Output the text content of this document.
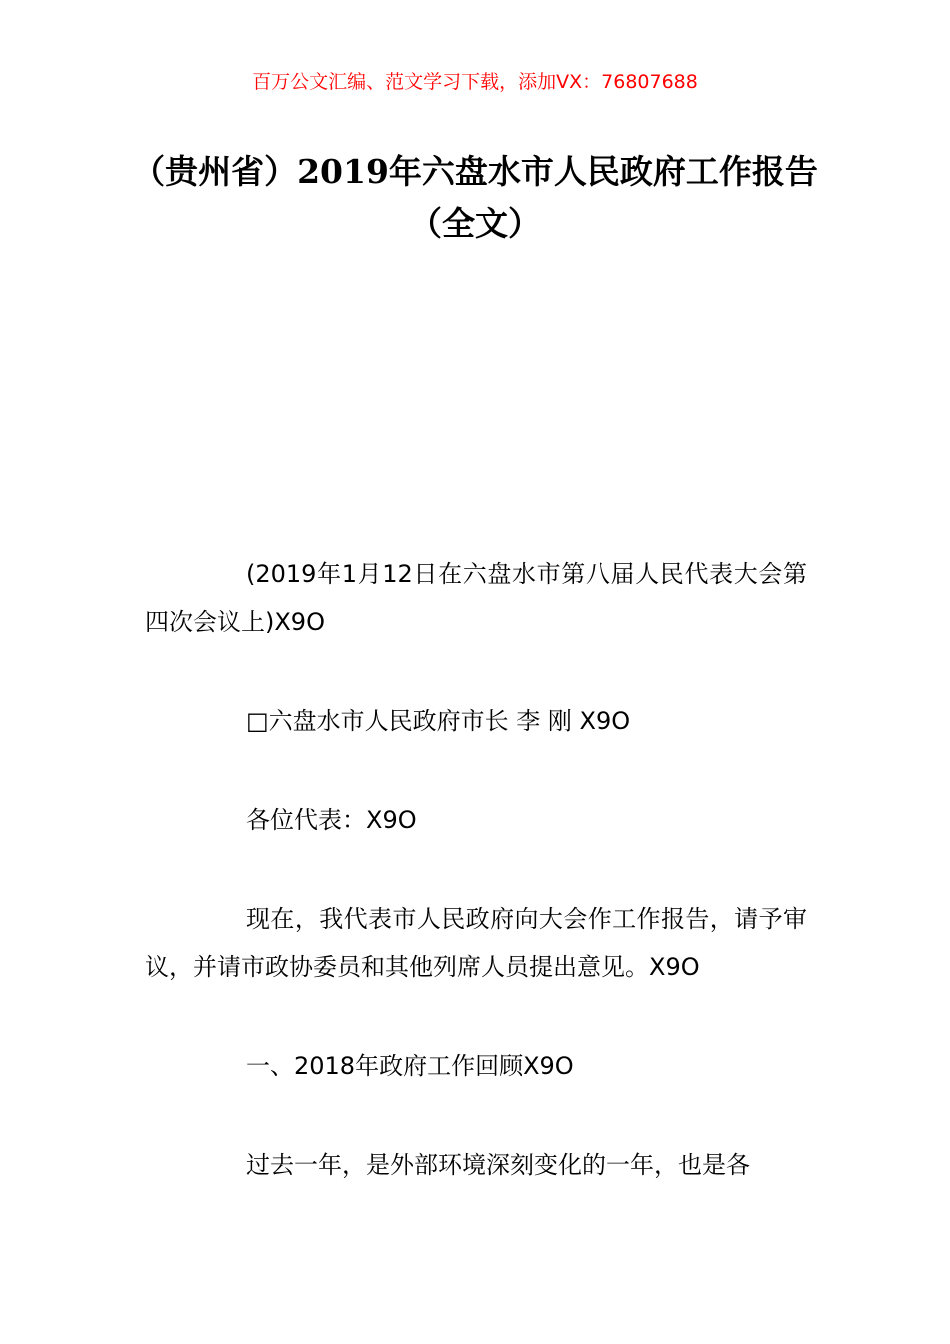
百万公文汇编、范文学习下载，添加VX：76807688
（贵州省）2019年六盘水市人民政府工作报告（全文）

(2019年1月12日在六盘水市第八届人民代表大会第四次会议上)X9O

□六盘水市人民政府市长 李 刚 X9O

各位代表：X9O

现在，我代表市人民政府向大会作工作报告，请予审议，并请市政协委员和其他列席人员提出意见。X9O

一、2018年政府工作回顾X9O

过去一年，是外部环境深刻变化的一年，也是各
